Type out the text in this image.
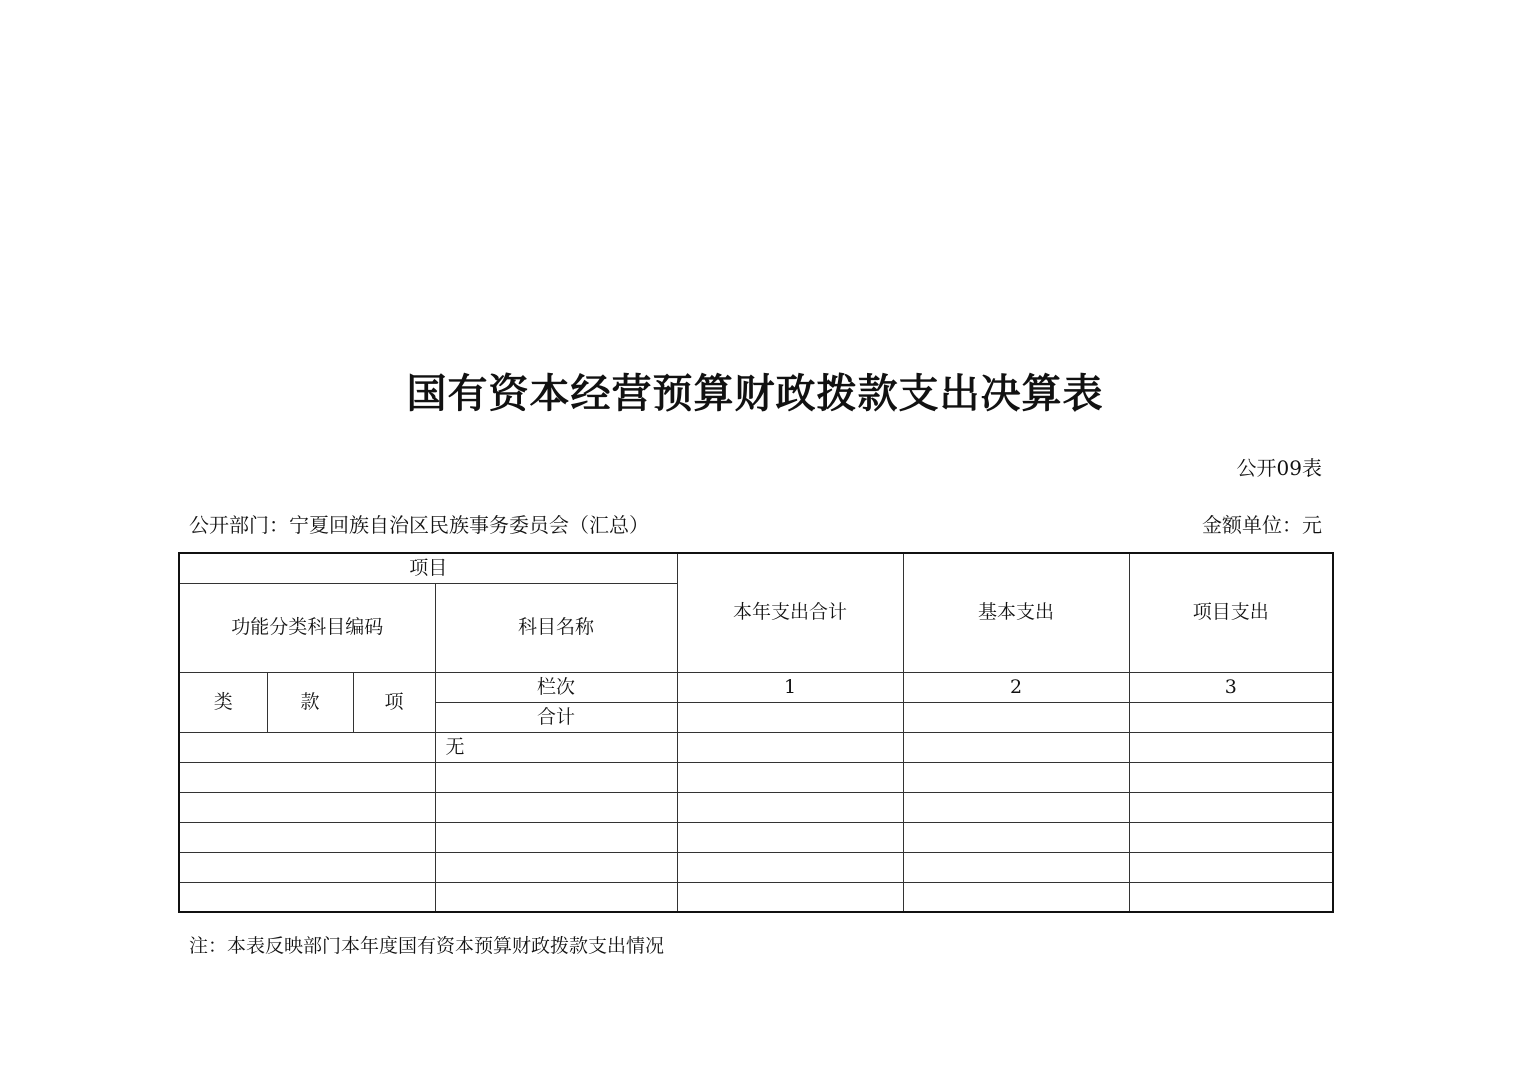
国有资本经营预算财政拨款支出决算表
公开09表
公开部门：宁夏回族自治区民族事务委员会（汇总）	金额单位：元
项目				本年支出合计	基本支出	项目支出
功能分类科目编码			科目名称			
类	款	项	栏次	1	2	3
			合计			
			无			

注：本表反映部门本年度国有资本预算财政拨款支出情况
